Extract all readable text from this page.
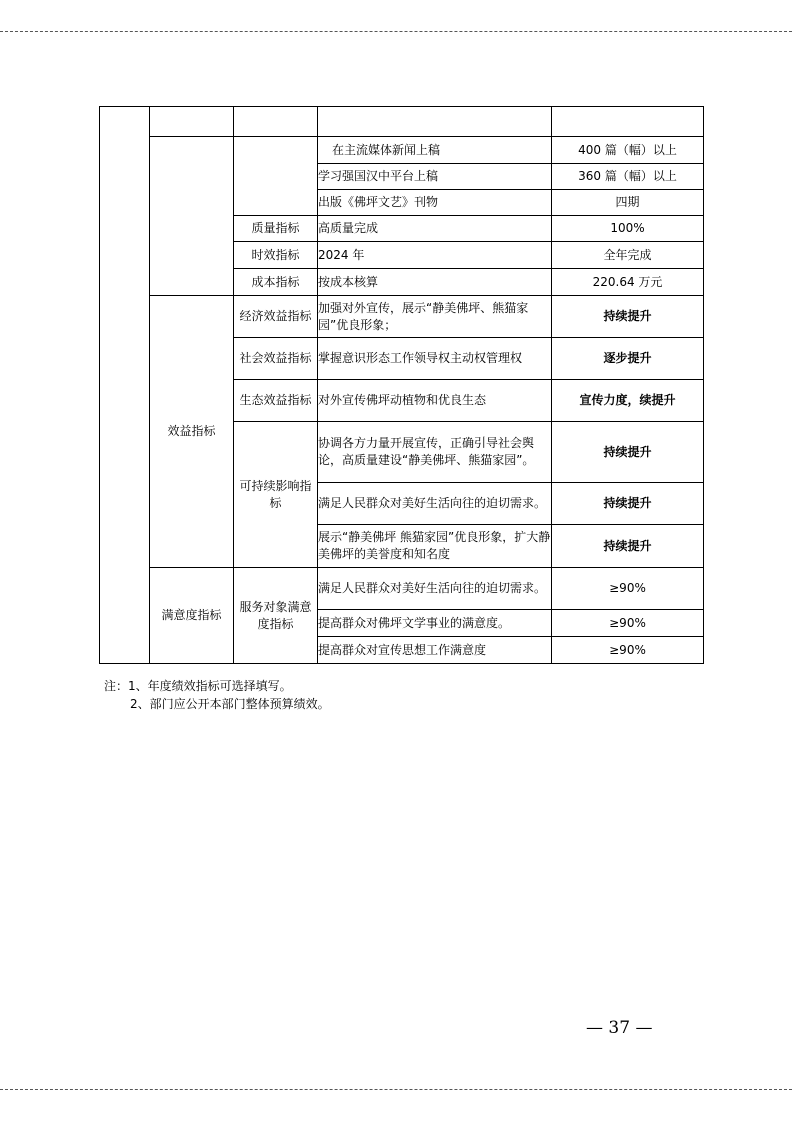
			在主流媒体新闻上稿	400 篇（幅）以上
			学习强国汉中平台上稿	360 篇（幅）以上
			出版《佛坪文艺》刊物	四期
		质量指标	高质量完成	100%
		时效指标	2024 年	全年完成
		成本指标	按成本核算	220.64 万元
	效益指标	经济效益指标	加强对外宣传，展示“静美佛坪、熊猫家园”优良形象；	持续提升
		社会效益指标	掌握意识形态工作领导权主动权管理权	逐步提升
		生态效益指标	对外宣传佛坪动植物和优良生态	宣传力度，续提升
		可持续影响指标	协调各方力量开展宣传，正确引导社会舆论，高质量建设“静美佛坪、熊猫家园”。	持续提升
			满足人民群众对美好生活向往的迫切需求。	持续提升
			展示“静美佛坪 熊猫家园”优良形象，扩大静美佛坪的美誉度和知名度	持续提升
	满意度指标	服务对象满意度指标	满足人民群众对美好生活向往的迫切需求。	≥90%
			提高群众对佛坪文学事业的满意度。	≥90%
			提高群众对宣传思想工作满意度	≥90%
注：1、年度绩效指标可选择填写。
2、部门应公开本部门整体预算绩效。
— 37 —
